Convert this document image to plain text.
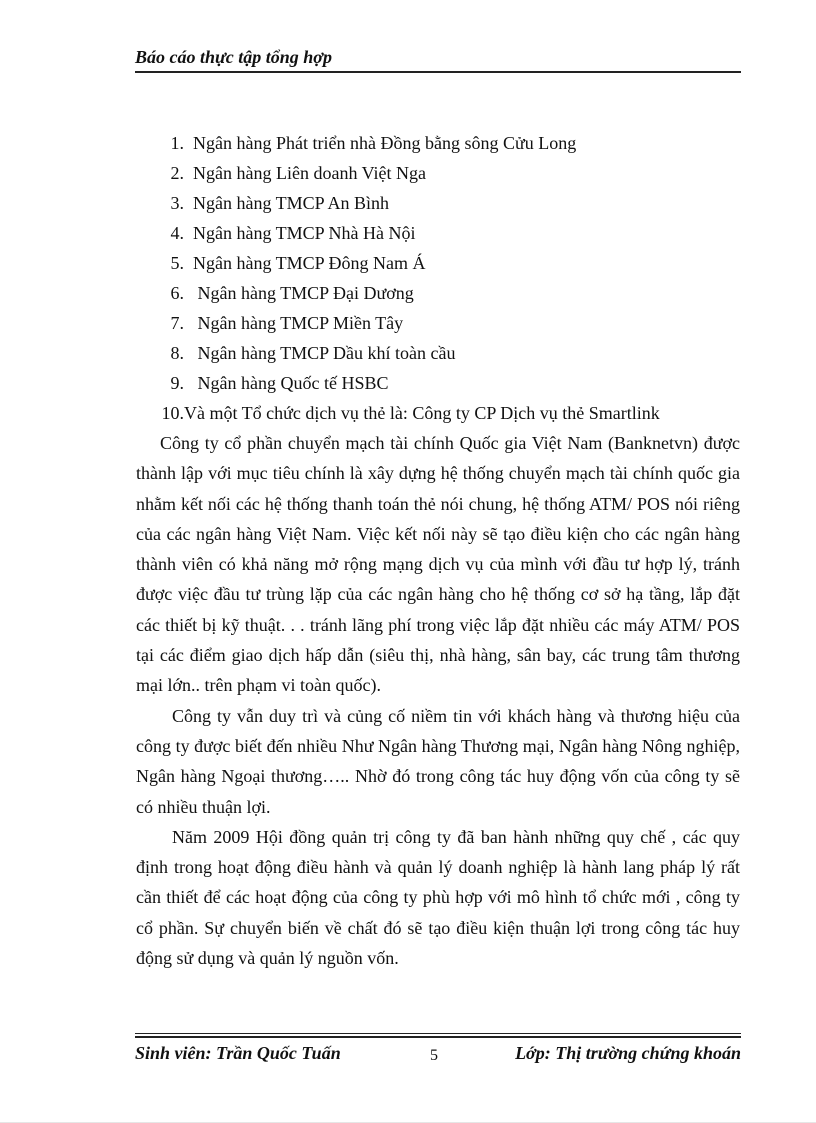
Báo cáo thực tập tổng hợp

1. Ngân hàng Phát triển nhà Đồng bằng sông Cửu Long
2. Ngân hàng Liên doanh Việt Nga
3. Ngân hàng TMCP An Bình
4. Ngân hàng TMCP Nhà Hà Nội
5. Ngân hàng TMCP Đông Nam Á
6. Ngân hàng TMCP Đại Dương
7. Ngân hàng TMCP Miền Tây
8. Ngân hàng TMCP Dầu khí toàn cầu
9. Ngân hàng Quốc tế HSBC
10.Và một Tổ chức dịch vụ thẻ là: Công ty CP Dịch vụ thẻ Smartlink

Công ty cổ phần chuyển mạch tài chính Quốc gia Việt Nam (Banknetvn) được thành lập với mục tiêu chính là xây dựng hệ thống chuyển mạch tài chính quốc gia nhằm kết nối các hệ thống thanh toán thẻ nói chung, hệ thống ATM/ POS nói riêng của các ngân hàng Việt Nam. Việc kết nối này sẽ tạo điều kiện cho các ngân hàng thành viên có khả năng mở rộng mạng dịch vụ của mình với đầu tư hợp lý, tránh được việc đầu tư trùng lặp của các ngân hàng cho hệ thống cơ sở hạ tầng, lắp đặt các thiết bị kỹ thuật. . . tránh lãng phí trong việc lắp đặt nhiều các máy ATM/ POS tại các điểm giao dịch hấp dẫn (siêu thị, nhà hàng, sân bay, các trung tâm thương mại lớn.. trên phạm vi toàn quốc).

Công ty vẫn duy trì và củng cố niềm tin với khách hàng và thương hiệu của công ty được biết đến nhiều Như Ngân hàng Thương mại, Ngân hàng Nông nghiệp, Ngân hàng Ngoại thương….. Nhờ đó trong công tác huy động vốn của công ty sẽ có nhiều thuận lợi.

Năm 2009 Hội đồng quản trị công ty đã ban hành những quy chế , các quy định trong hoạt động điều hành và quản lý doanh nghiệp là hành lang pháp lý rất cần thiết để các hoạt động của công ty phù hợp với mô hình tổ chức mới , công ty cổ phần. Sự chuyển biến về chất đó sẽ tạo điều kiện thuận lợi trong công tác huy động sử dụng và quản lý nguồn vốn.

Sinh viên: Trần Quốc Tuấn	5	Lớp: Thị trường chứng khoán
